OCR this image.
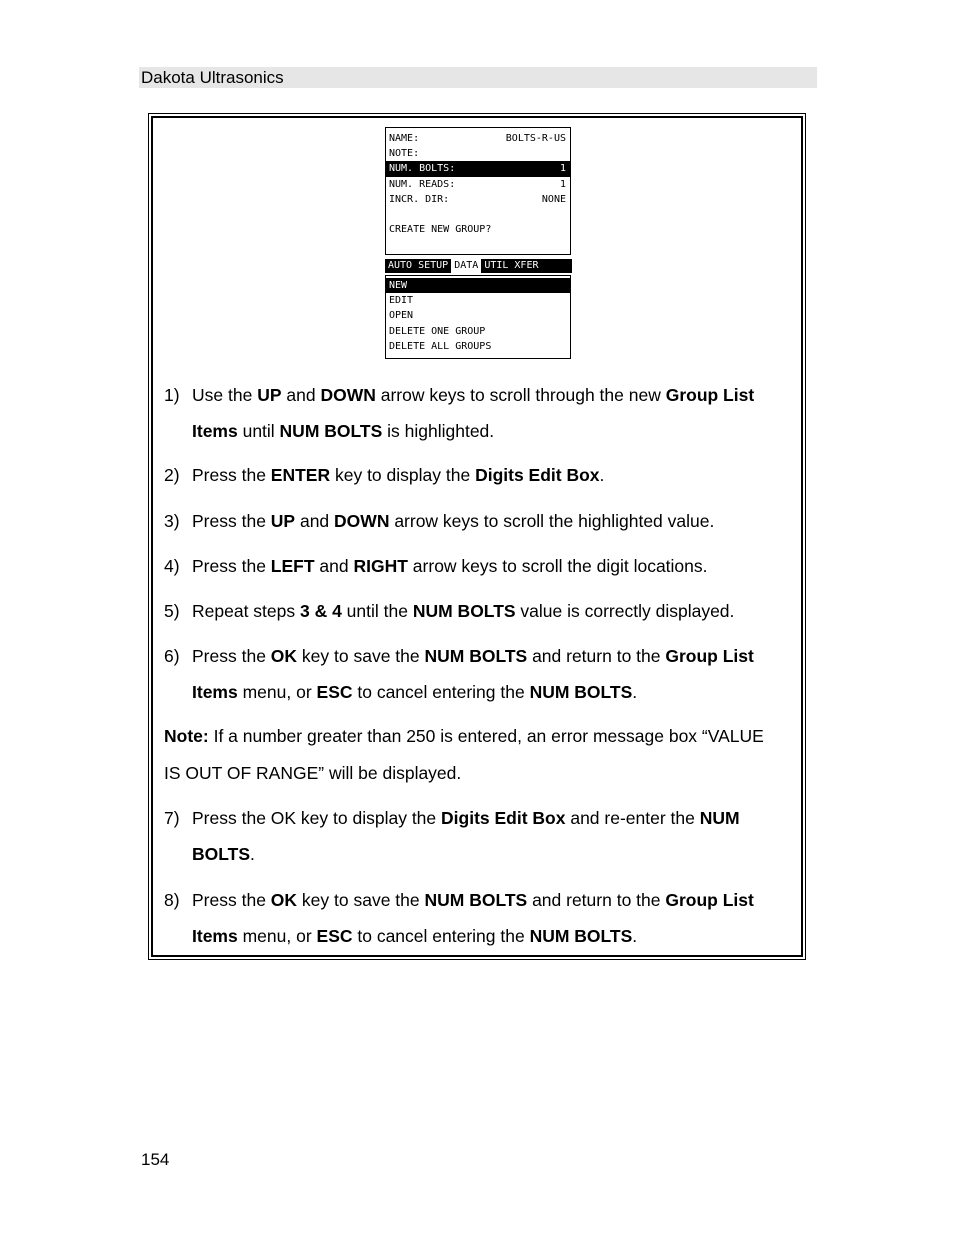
Dakota Ultrasonics
NAME:	BOLTS-R-US
NOTE:
NUM. BOLTS:	1
NUM. READS:	1
INCR. DIR:	NONE
CREATE NEW GROUP?
AUTO SETUP DATA UTIL XFER
NEW
EDIT
OPEN
DELETE ONE GROUP
DELETE ALL GROUPS
1) Use the UP and DOWN arrow keys to scroll through the new Group List Items until NUM BOLTS is highlighted.
2) Press the ENTER key to display the Digits Edit Box.
3) Press the UP and DOWN arrow keys to scroll the highlighted value.
4) Press the LEFT and RIGHT arrow keys to scroll the digit locations.
5) Repeat steps 3 & 4 until the NUM BOLTS value is correctly displayed.
6) Press the OK key to save the NUM BOLTS and return to the Group List Items menu, or ESC to cancel entering the NUM BOLTS.
Note: If a number greater than 250 is entered, an error message box “VALUE IS OUT OF RANGE” will be displayed.
7) Press the OK key to display the Digits Edit Box and re-enter the NUM BOLTS.
8) Press the OK key to save the NUM BOLTS and return to the Group List Items menu, or ESC to cancel entering the NUM BOLTS.
154
